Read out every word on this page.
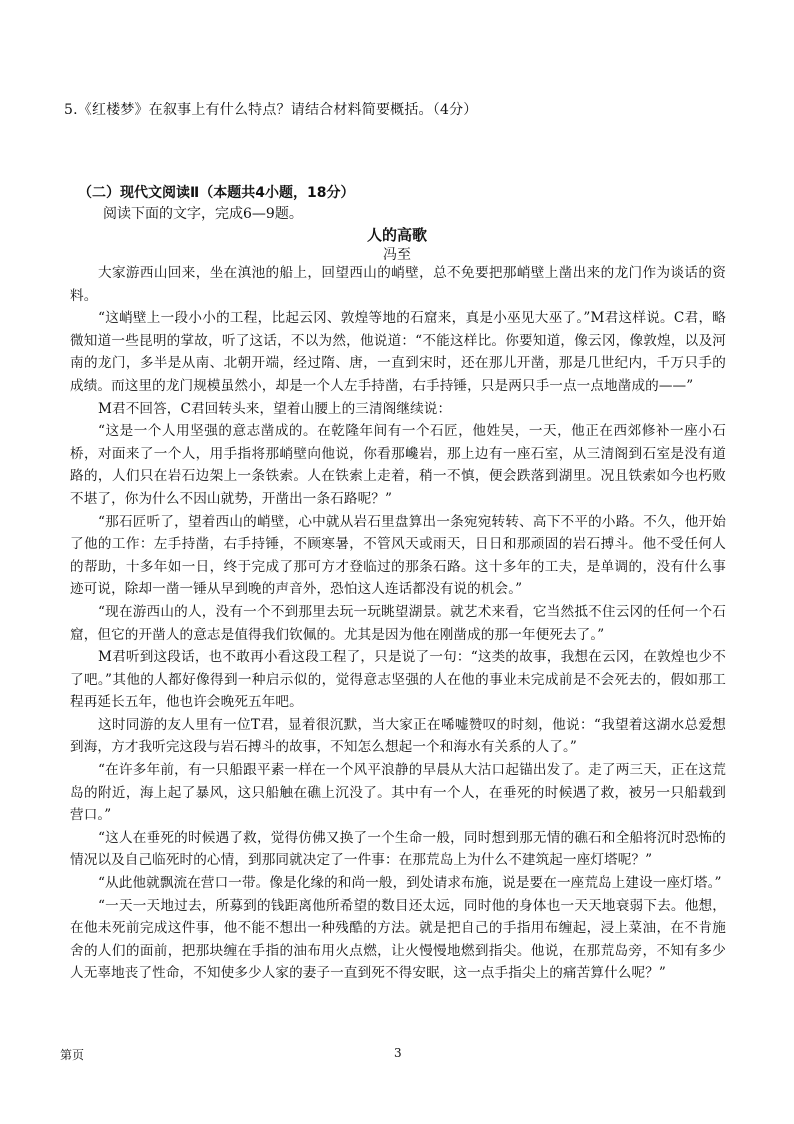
5.《红楼梦》在叙事上有什么特点？请结合材料简要概括。（4分）
（二）现代文阅读Ⅱ（本题共4小题，18分）
阅读下面的文字，完成6—9题。
人的高歌
冯至

大家游西山回来，坐在滇池的船上，回望西山的峭壁，总不免要把那峭壁上凿出来的龙门作为谈话的资料。

“这峭壁上一段小小的工程，比起云冈、敦煌等地的石窟来，真是小巫见大巫了。”M君这样说。C君，略微知道一些昆明的掌故，听了这话，不以为然，他说道：“不能这样比。你要知道，像云冈，像敦煌，以及河南的龙门，多半是从南、北朝开端，经过隋、唐，一直到宋时，还在那儿开凿，那是几世纪内，千万只手的成绩。而这里的龙门规模虽然小，却是一个人左手持凿，右手持锤，只是两只手一点一点地凿成的——”

M君不回答，C君回转头来，望着山腰上的三清阁继续说：

“这是一个人用坚强的意志凿成的。在乾隆年间有一个石匠，他姓吴，一天，他正在西郊修补一座小石桥，对面来了一个人，用手指将那峭壁向他说，你看那巉岩，那上边有一座石室，从三清阁到石室是没有道路的，人们只在岩石边架上一条铁索。人在铁索上走着，稍一不慎，便会跌落到湖里。况且铁索如今也朽败不堪了，你为什么不因山就势，开凿出一条石路呢？”

“那石匠听了，望着西山的峭壁，心中就从岩石里盘算出一条宛宛转转、高下不平的小路。不久，他开始了他的工作：左手持凿，右手持锤，不顾寒暑，不管风天或雨天，日日和那顽固的岩石搏斗。他不受任何人的帮助，十多年如一日，终于完成了那可方才登临过的那条石路。这十多年的工夫，是单调的，没有什么事迹可说，除却一凿一锤从早到晚的声音外，恐怕这人连话都没有说的机会。”

“现在游西山的人，没有一个不到那里去玩一玩眺望湖景。就艺术来看，它当然抵不住云冈的任何一个石窟，但它的开凿人的意志是值得我们钦佩的。尤其是因为他在刚凿成的那一年便死去了。”

M君听到这段话，也不敢再小看这段工程了，只是说了一句：“这类的故事，我想在云冈，在敦煌也少不了吧。”其他的人都好像得到一种启示似的，觉得意志坚强的人在他的事业未完成前是不会死去的，假如那工程再延长五年，他也许会晚死五年吧。

这时同游的友人里有一位T君，显着很沉默，当大家正在唏嘘赞叹的时刻，他说：“我望着这湖水总爱想到海，方才我听完这段与岩石搏斗的故事，不知怎么想起一个和海水有关系的人了。”

“在许多年前，有一只船跟平素一样在一个风平浪静的早晨从大沽口起锚出发了。走了两三天，正在这荒岛的附近，海上起了暴风，这只船触在礁上沉没了。其中有一个人，在垂死的时候遇了救，被另一只船载到营口。”

“这人在垂死的时候遇了救，觉得仿佛又换了一个生命一般，同时想到那无情的礁石和全船将沉时恐怖的情况以及自己临死时的心情，到那同就决定了一件事：在那荒岛上为什么不建筑起一座灯塔呢？”

“从此他就飘流在营口一带。像是化缘的和尚一般，到处请求布施，说是要在一座荒岛上建设一座灯塔。”

“一天一天地过去，所募到的钱距离他所希望的数目还太远，同时他的身体也一天天地衰弱下去。他想，在他未死前完成这件事，他不能不想出一种残酷的方法。就是把自己的手指用布缠起，浸上菜油，在不肯施舍的人们的面前，把那块缠在手指的油布用火点燃，让火慢慢地燃到指尖。他说，在那荒岛旁，不知有多少人无辜地丧了性命，不知使多少人家的妻子一直到死不得安眠，这一点手指尖上的痛苦算什么呢？”

第页	3
